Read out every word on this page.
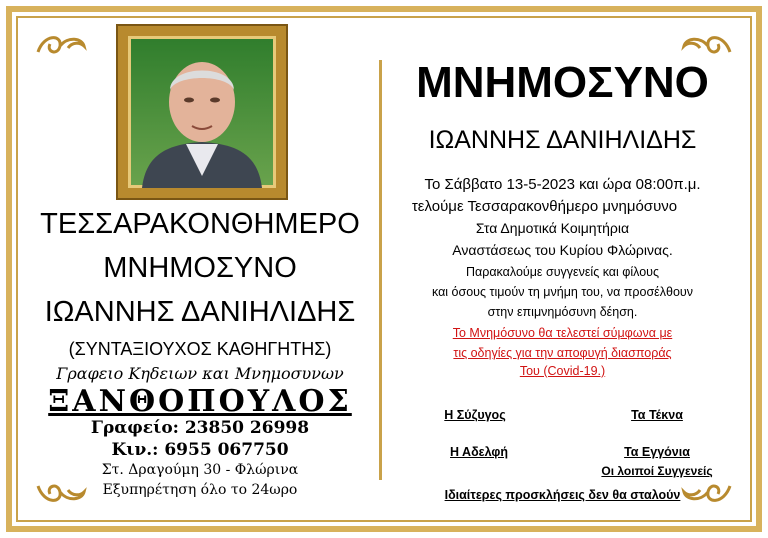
ΤΕΣΣΑΡΑΚΟΝΘΗΜΕΡΟ
ΜΝΗΜΟΣΥΝΟ
ΙΩΑΝΝΗΣ ΔΑΝΙΗΛΙΔΗΣ
(ΣΥΝΤΑΞΙΟΥΧΟΣ ΚΑΘΗΓΗΤΗΣ)
Γραφειο Κηδειων και Μνημοσυνων
ΞΑΝΘΟΠΟΥΛΟΣ
Γραφείο: 23850 26998
Κιν.: 6955 067750
Στ. Δραγούμη 30 - Φλώρινα
Εξυπηρέτηση όλο το 24ωρο
ΜΝΗΜΟΣΥΝΟ
ΙΩΑΝΝΗΣ ΔΑΝΙΗΛΙΔΗΣ
Το Σάββατο 13-5-2023 και ώρα 08:00π.μ.
τελούμε Τεσσαρακονθήμερο μνημόσυνο
Στα Δημοτικά Κοιμητήρια
Αναστάσεως του Κυρίου Φλώρινας.
Παρακαλούμε συγγενείς και φίλους
και όσους τιμούν τη μνήμη του, να προσέλθουν
στην επιμνημόσυνη δέηση.
Το Μνημόσυνο θα τελεστεί σύμφωνα με
τις οδηγίες για την αποφυγή διασποράς
Του (Covid-19.)
Η Σύζυγος	Τα Τέκνα
Η Αδελφή	Τα Εγγόνια
Οι λοιποί Συγγενείς
Ιδιαίτερες προσκλήσεις δεν θα σταλούν
